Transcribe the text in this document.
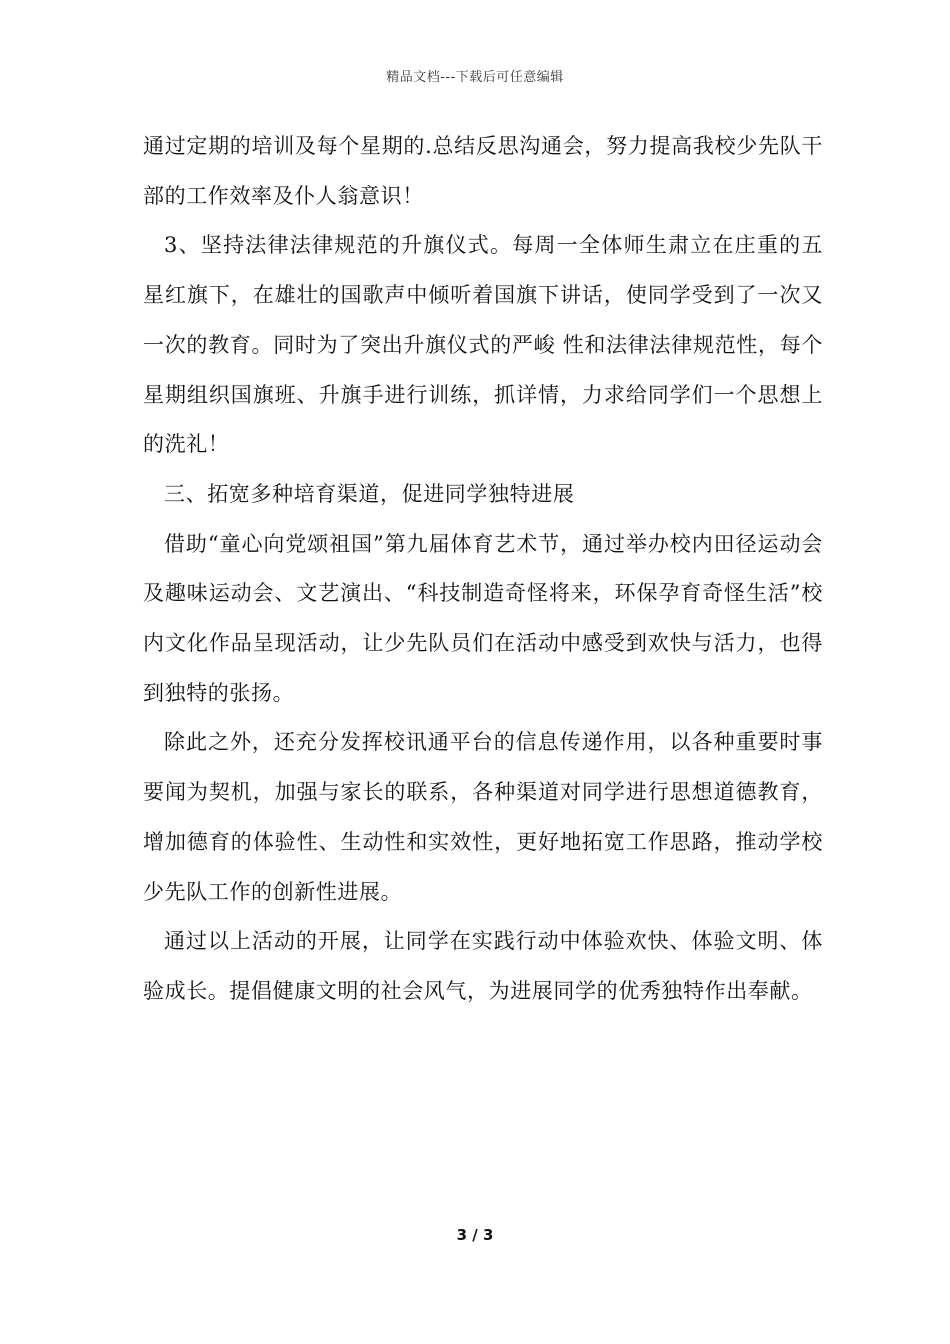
精品文档---下载后可任意编辑

通过定期的培训及每个星期的.总结反思沟通会，努力提高我校少先队干部的工作效率及仆人翁意识！

3、坚持法律法律规范的升旗仪式。每周一全体师生肃立在庄重的五星红旗下，在雄壮的国歌声中倾听着国旗下讲话，使同学受到了一次又一次的教育。同时为了突出升旗仪式的严峻 性和法律法律规范性，每个星期组织国旗班、升旗手进行训练，抓详情，力求给同学们一个思想上的洗礼！

三、拓宽多种培育渠道，促进同学独特进展

借助“童心向党颂祖国”第九届体育艺术节，通过举办校内田径运动会及趣味运动会、文艺演出、“科技制造奇怪将来，环保孕育奇怪生活”校内文化作品呈现活动，让少先队员们在活动中感受到欢快与活力，也得到独特的张扬。

除此之外，还充分发挥校讯通平台的信息传递作用，以各种重要时事要闻为契机，加强与家长的联系，各种渠道对同学进行思想道德教育，增加德育的体验性、生动性和实效性，更好地拓宽工作思路，推动学校少先队工作的创新性进展。

通过以上活动的开展，让同学在实践行动中体验欢快、体验文明、体验成长。提倡健康文明的社会风气，为进展同学的优秀独特作出奉献。

3 / 3
